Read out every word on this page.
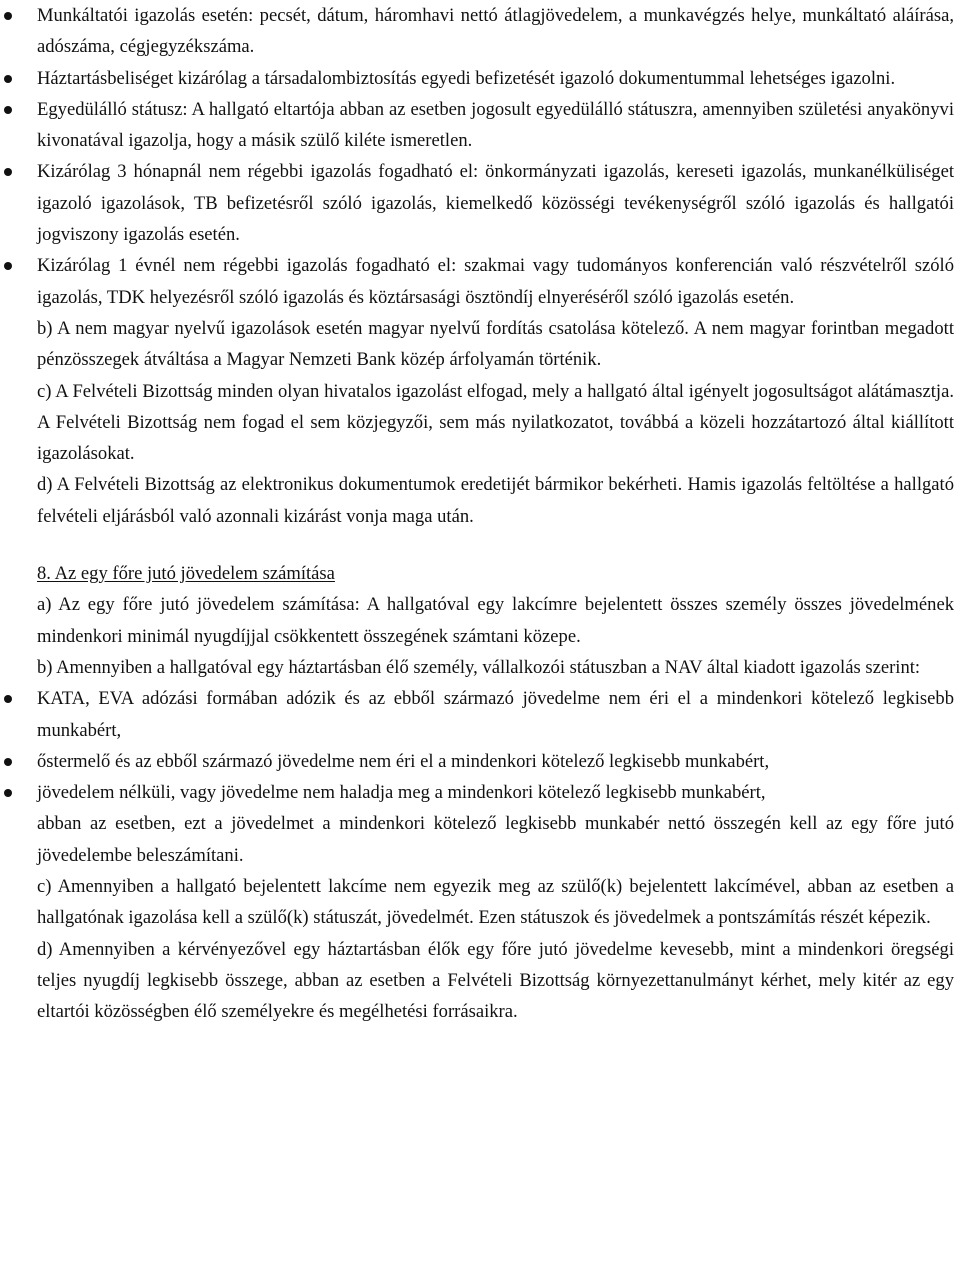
Munkáltatói igazolás esetén: pecsét, dátum, háromhavi nettó átlagjövedelem, a munkavégzés helye, munkáltató aláírása, adószáma, cégjegyzékszáma.

Háztartásbeliséget kizárólag a társadalombiztosítás egyedi befizetését igazoló dokumentummal lehetséges igazolni.

Egyedülálló státusz: A hallgató eltartója abban az esetben jogosult egyedülálló státuszra, amennyiben születési anyakönyvi kivonatával igazolja, hogy a másik szülő kiléte ismeretlen.

Kizárólag 3 hónapnál nem régebbi igazolás fogadható el: önkormányzati igazolás, kereseti igazolás, munkanélküliséget igazoló igazolások, TB befizetésről szóló igazolás, kiemelkedő közösségi tevékenységről szóló igazolás és hallgatói jogviszony igazolás esetén.

Kizárólag 1 évnél nem régebbi igazolás fogadható el: szakmai vagy tudományos konferencián való részvételről szóló igazolás, TDK helyezésről szóló igazolás és köztársasági ösztöndíj elnyeréséről szóló igazolás esetén.

b) A nem magyar nyelvű igazolások esetén magyar nyelvű fordítás csatolása kötelező. A nem magyar forintban megadott pénzösszegek átváltása a Magyar Nemzeti Bank közép árfolyamán történik.

c) A Felvételi Bizottság minden olyan hivatalos igazolást elfogad, mely a hallgató által igényelt jogosultságot alátámasztja. A Felvételi Bizottság nem fogad el sem közjegyzői, sem más nyilatkozatot, továbbá a közeli hozzátartozó által kiállított igazolásokat.

d) A Felvételi Bizottság az elektronikus dokumentumok eredetijét bármikor bekérheti. Hamis igazolás feltöltése a hallgató felvételi eljárásból való azonnali kizárást vonja maga után.

8. Az egy főre jutó jövedelem számítása

a) Az egy főre jutó jövedelem számítása: A hallgatóval egy lakcímre bejelentett összes személy összes jövedelmének mindenkori minimál nyugdíjjal csökkentett összegének számtani közepe.

b) Amennyiben a hallgatóval egy háztartásban élő személy, vállalkozói státuszban a NAV által kiadott igazolás szerint:

KATA, EVA adózási formában adózik és az ebből származó jövedelme nem éri el a mindenkori kötelező legkisebb munkabért,

őstermelő és az ebből származó jövedelme nem éri el a mindenkori kötelező legkisebb munkabért,

jövedelem nélküli, vagy jövedelme nem haladja meg a mindenkori kötelező legkisebb munkabért,

abban az esetben, ezt a jövedelmet a mindenkori kötelező legkisebb munkabér nettó összegén kell az egy főre jutó jövedelembe beleszámítani.

c) Amennyiben a hallgató bejelentett lakcíme nem egyezik meg az szülő(k) bejelentett lakcímével, abban az esetben a hallgatónak igazolása kell a szülő(k) státuszát, jövedelmét. Ezen státuszok és jövedelmek a pontszámítás részét képezik.

d) Amennyiben a kérvényezővel egy háztartásban élők egy főre jutó jövedelme kevesebb, mint a mindenkori öregségi teljes nyugdíj legkisebb összege, abban az esetben a Felvételi Bizottság környezettanulmányt kérhet, mely kitér az egy eltartói közösségben élő személyekre és megélhetési forrásaikra.
